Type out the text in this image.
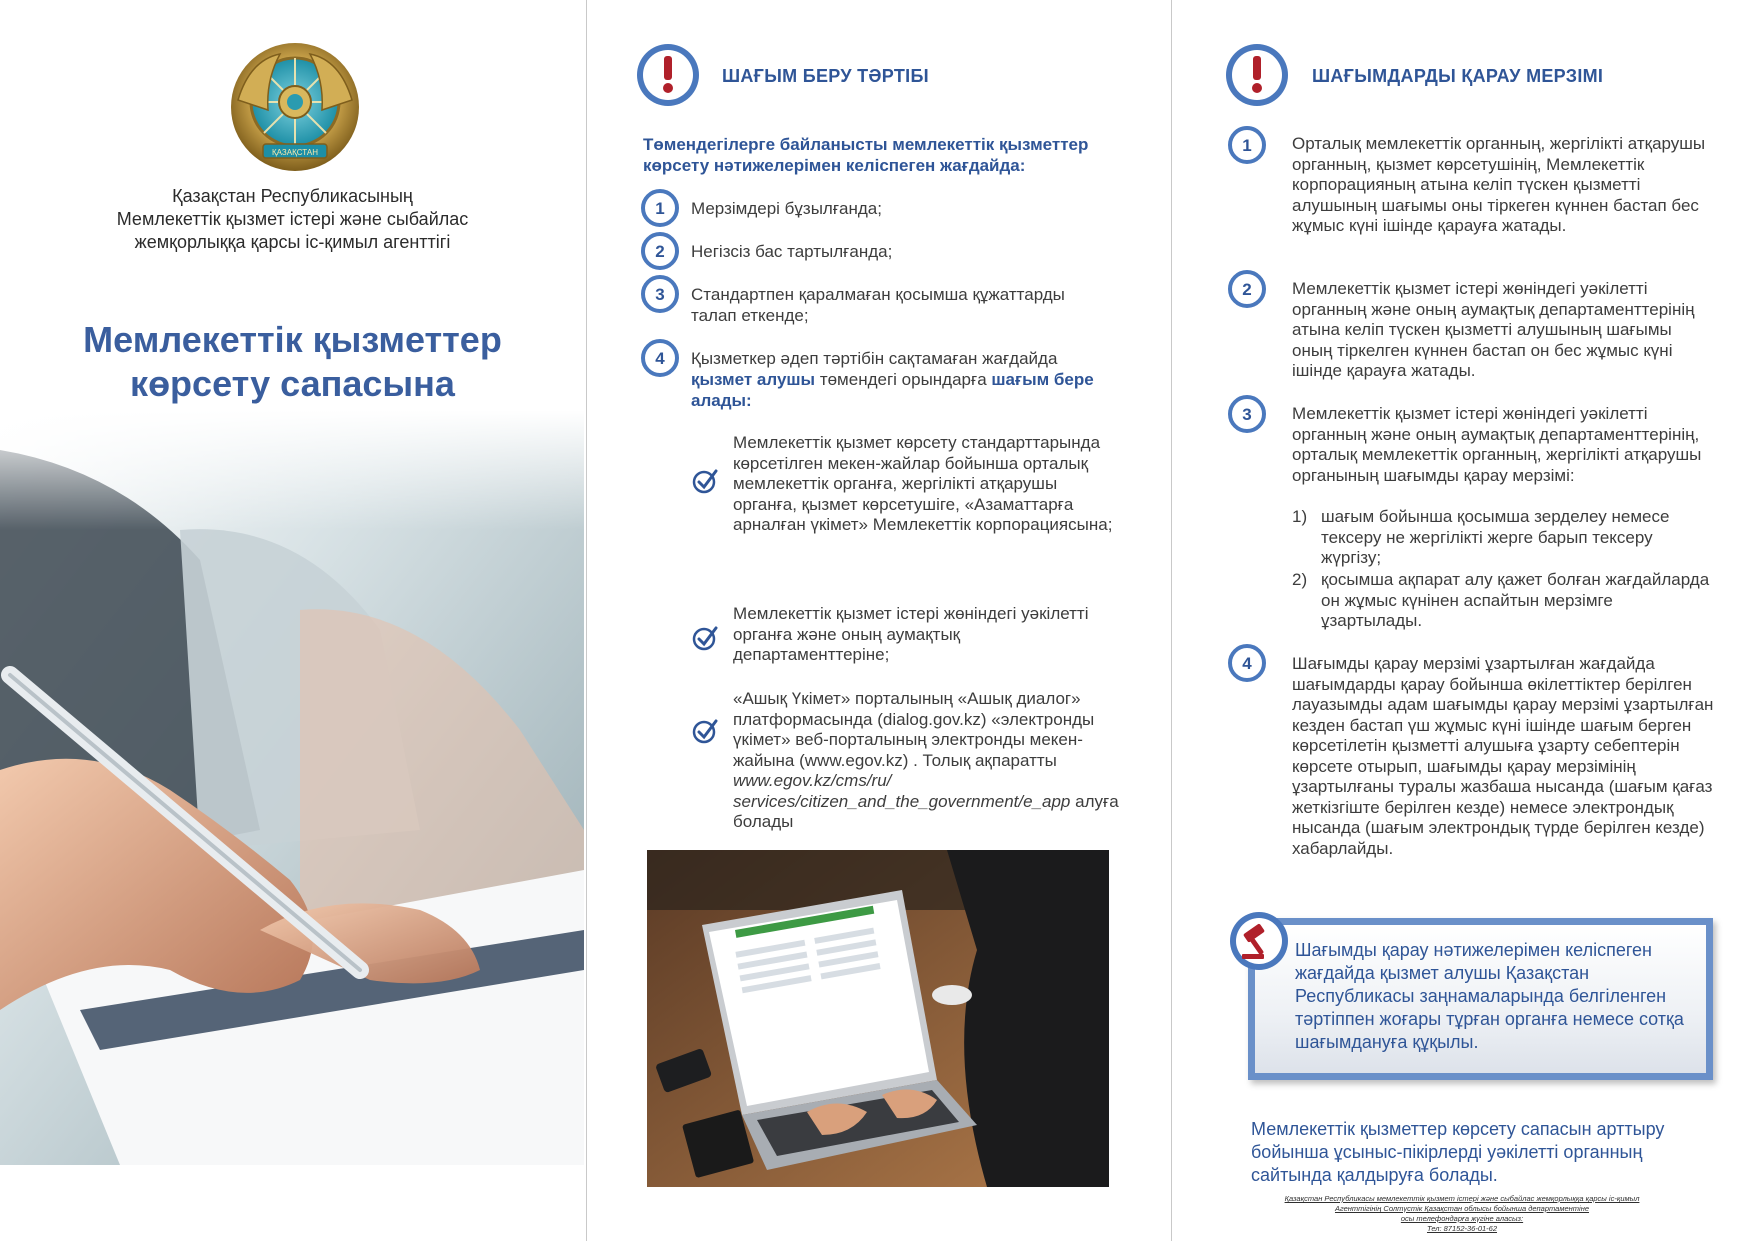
ҚАЗАҚСТАН
Қазақстан Республикасының
Мемлекеттік қызмет істері және сыбайлас
жемқорлыққа қарсы іс-қимыл агенттігі
Мемлекеттік қызметтер
көрсету сапасына
ШАҒЫМ БЕРУ ТӘРТІБІ
Төмендегілерге байланысты мемлекеттік қызметтер көрсету нәтижелерімен келіспеген жағдайда:
1 Мерзімдері бұзылғанда;
2 Негізсіз бас тартылғанда;
3 Стандартпен қаралмаған қосымша құжаттарды талап еткенде;
4 Қызметкер әдеп тәртібін сақтамаған жағдайда қызмет алушы төмендегі орындарға шағым бере алады:
Мемлекеттік қызмет көрсету стандарттарында көрсетілген мекен-жайлар бойынша орталық мемлекеттік органға, жергілікті атқарушы органға, қызмет көрсетушіге, «Азаматтарға арналған үкімет» Мемлекеттік корпорациясына;
Мемлекеттік қызмет істері жөніндегі уәкілетті органға және оның аумақтық департаменттеріне;
«Ашық Үкімет» порталының «Ашық диалог» платформасында (dialog.gov.kz) «электронды үкімет» веб-порталының электронды мекен-жайына (www.egov.kz) . Толық ақпаратты www.egov.kz/cms/ru/ services/citizen_and_the_government/e_app алуға болады
ШАҒЫМДАРДЫ ҚАРАУ МЕРЗІМІ
1 Орталық мемлекеттік органның, жергілікті атқарушы органның, қызмет көрсетушінің, Мемлекеттік корпорацияның атына келіп түскен қызметті алушының шағымы оны тіркеген күннен бастап бес жұмыс күні ішінде қарауға жатады.
2 Мемлекеттік қызмет істері жөніндегі уәкілетті органның және оның аумақтық департаменттерінің атына келіп түскен қызметті алушының шағымы оның тіркелген күннен бастап он бес жұмыс күні ішінде қарауға жатады.
3 Мемлекеттік қызмет істері жөніндегі уәкілетті органның және оның аумақтық департаменттерінің, орталық мемлекеттік органның, жергілікті атқарушы органының шағымды қарау мерзімі:
1) шағым бойынша қосымша зерделеу немесе тексеру не жергілікті жерге барып тексеру жүргізу;
2) қосымша ақпарат алу қажет болған жағдайларда он жұмыс күнінен аспайтын мерзімге ұзартылады.
4 Шағымды қарау мерзімі ұзартылған жағдайда шағымдарды қарау бойынша өкілеттіктер берілген лауазымды адам шағымды қарау мерзімі ұзартылған кезден бастап үш жұмыс күні ішінде шағым берген көрсетілетін қызметті алушыға ұзарту себептерін көрсете отырып, шағымды қарау мерзімінің ұзартылғаны туралы жазбаша нысанда (шағым қағаз жеткізгіште берілген кезде) немесе электрондық нысанда (шағым электрондық түрде берілген кезде) хабарлайды.
Шағымды қарау нәтижелерімен келіспеген жағдайда қызмет алушы Қазақстан Республикасы заңнамаларында белгіленген тәртіппен жоғары тұрған органға немесе сотқа шағымдануға құқылы.
Мемлекеттік қызметтер көрсету сапасын арттыру бойынша ұсыныс-пікірлерді уәкілетті органның сайтында қалдыруға болады.
Қазақстан Республикасы мемлекеттік қызмет істері және сыбайлас жемқорлыққа қарсы іс-қимыл
Агенттігінің Солтүстік Қазақстан облысы бойынша департаментіне
осы телефондарға жүгіне аласыз:
Тел: 87152-36-01-62
